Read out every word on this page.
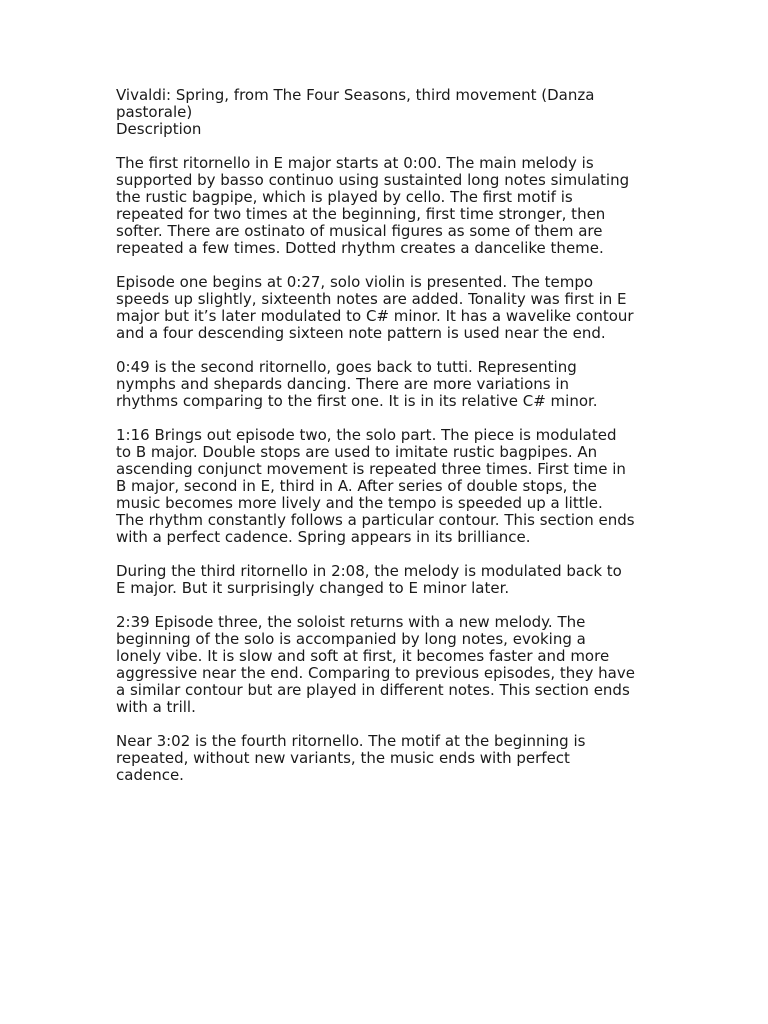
Vivaldi: Spring, from The Four Seasons, third movement (Danza
pastorale)
Description
The first ritornello in E major starts at 0:00. The main melody is
supported by basso continuo using sustainted long notes simulating
the rustic bagpipe, which is played by cello. The first motif is
repeated for two times at the beginning, first time stronger, then
softer. There are ostinato of musical figures as some of them are
repeated a few times. Dotted rhythm creates a dancelike theme.
Episode one begins at 0:27, solo violin is presented. The tempo
speeds up slightly, sixteenth notes are added. Tonality was first in E
major but it’s later modulated to C# minor. It has a wavelike contour
and a four descending sixteen note pattern is used near the end.
0:49 is the second ritornello, goes back to tutti. Representing
nymphs and shepards dancing. There are more variations in
rhythms comparing to the first one. It is in its relative C# minor.
1:16 Brings out episode two, the solo part. The piece is modulated
to B major. Double stops are used to imitate rustic bagpipes. An
ascending conjunct movement is repeated three times. First time in
B major, second in E, third in A. After series of double stops, the
music becomes more lively and the tempo is speeded up a little.
The rhythm constantly follows a particular contour. This section ends
with a perfect cadence. Spring appears in its brilliance.
During the third ritornello in 2:08, the melody is modulated back to
E major. But it surprisingly changed to E minor later.
2:39 Episode three, the soloist returns with a new melody. The
beginning of the solo is accompanied by long notes, evoking a
lonely vibe. It is slow and soft at first, it becomes faster and more
aggressive near the end. Comparing to previous episodes, they have
a similar contour but are played in different notes. This section ends
with a trill.
Near 3:02 is the fourth ritornello. The motif at the beginning is
repeated, without new variants, the music ends with perfect
cadence.
